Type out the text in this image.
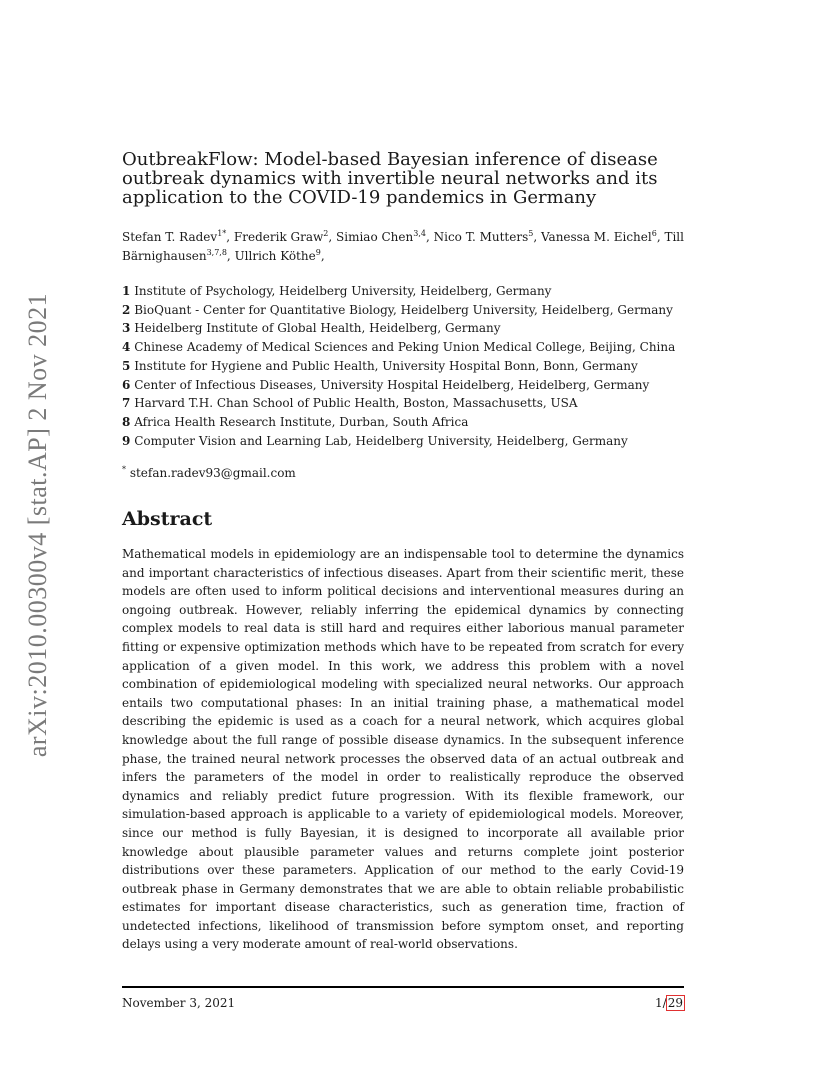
arXiv:2010.00300v4 [stat.AP] 2 Nov 2021
OutbreakFlow: Model-based Bayesian inference of disease outbreak dynamics with invertible neural networks and its application to the COVID-19 pandemics in Germany
Stefan T. Radev$^{1*}$, Frederik Graw$^2$, Simiao Chen$^{3,4}$, Nico T. Mutters$^5$, Vanessa M. Eichel$^6$, Till Bärnighausen$^{3,7,8}$, Ullrich Köthe$^9$,
1 Institute of Psychology, Heidelberg University, Heidelberg, Germany
2 BioQuant - Center for Quantitative Biology, Heidelberg University, Heidelberg, Germany
3 Heidelberg Institute of Global Health, Heidelberg, Germany
4 Chinese Academy of Medical Sciences and Peking Union Medical College, Beijing, China
5 Institute for Hygiene and Public Health, University Hospital Bonn, Bonn, Germany
6 Center of Infectious Diseases, University Hospital Heidelberg, Heidelberg, Germany
7 Harvard T.H. Chan School of Public Health, Boston, Massachusetts, USA
8 Africa Health Research Institute, Durban, South Africa
9 Computer Vision and Learning Lab, Heidelberg University, Heidelberg, Germany
* stefan.radev93@gmail.com
Abstract

Mathematical models in epidemiology are an indispensable tool to determine the dynamics and important characteristics of infectious diseases. Apart from their scientific merit, these models are often used to inform political decisions and interventional measures during an ongoing outbreak. However, reliably inferring the epidemical dynamics by connecting complex models to real data is still hard and requires either laborious manual parameter fitting or expensive optimization methods which have to be repeated from scratch for every application of a given model. In this work, we address this problem with a novel combination of epidemiological modeling with specialized neural networks. Our approach entails two computational phases: In an initial training phase, a mathematical model describing the epidemic is used as a coach for a neural network, which acquires global knowledge about the full range of possible disease dynamics. In the subsequent inference phase, the trained neural network processes the observed data of an actual outbreak and infers the parameters of the model in order to realistically reproduce the observed dynamics and reliably predict future progression. With its flexible framework, our simulation-based approach is applicable to a variety of epidemiological models. Moreover, since our method is fully Bayesian, it is designed to incorporate all available prior knowledge about plausible parameter values and returns complete joint posterior distributions over these parameters. Application of our method to the early Covid-19 outbreak phase in Germany demonstrates that we are able to obtain reliable probabilistic estimates for important disease characteristics, such as generation time, fraction of undetected infections, likelihood of transmission before symptom onset, and reporting delays using a very moderate amount of real-world observations.

November 3, 2021	1/29
